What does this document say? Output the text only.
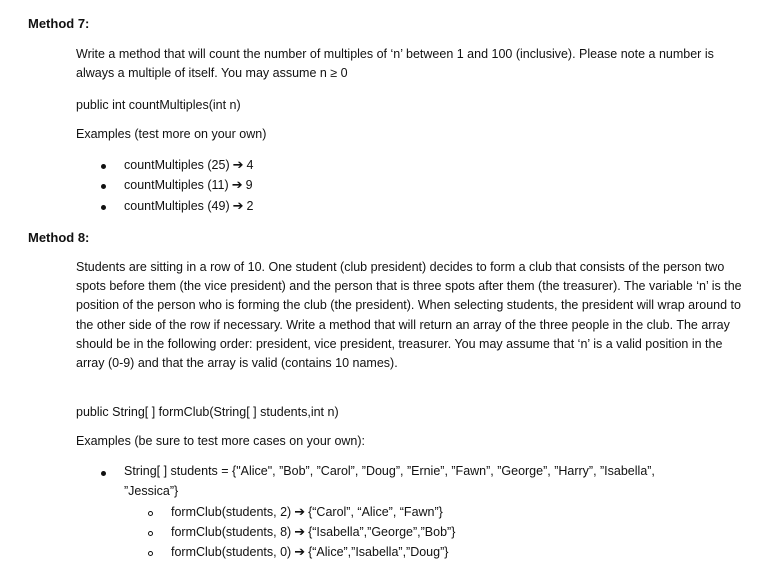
Method 7:
Write a method that will count the number of multiples of ‘n’ between 1 and 100 (inclusive). Please note a number is always a multiple of itself. You may assume n ≥ 0
public int countMultiples(int n)
Examples (test more on your own)
countMultiples (25) ➔ 4
countMultiples (11) ➔ 9
countMultiples (49) ➔ 2
Method 8:
Students are sitting in a row of 10. One student (club president) decides to form a club that consists of the person two spots before them (the vice president) and the person that is three spots after them (the treasurer). The variable ‘n’ is the position of the person who is forming the club (the president). When selecting students, the president will wrap around to the other side of the row if necessary. Write a method that will return an array of the three people in the club. The array should be in the following order: president, vice president, treasurer. You may assume that ‘n’ is a valid position in the array (0-9) and that the array is valid (contains 10 names).
public String[ ] formClub(String[ ] students,int n)
Examples (be sure to test more cases on your own):
String[ ] students = {"Alice", ”Bob”, ”Carol”, ”Doug”, ”Ernie”, ”Fawn”, ”George”, ”Harry”, ”Isabella”,
”Jessica”}
formClub(students, 2) ➔ {“Carol”, “Alice”, “Fawn”}
formClub(students, 8) ➔ {“Isabella”,”George”,”Bob”}
formClub(students, 0) ➔ {“Alice”,”Isabella”,”Doug”}
